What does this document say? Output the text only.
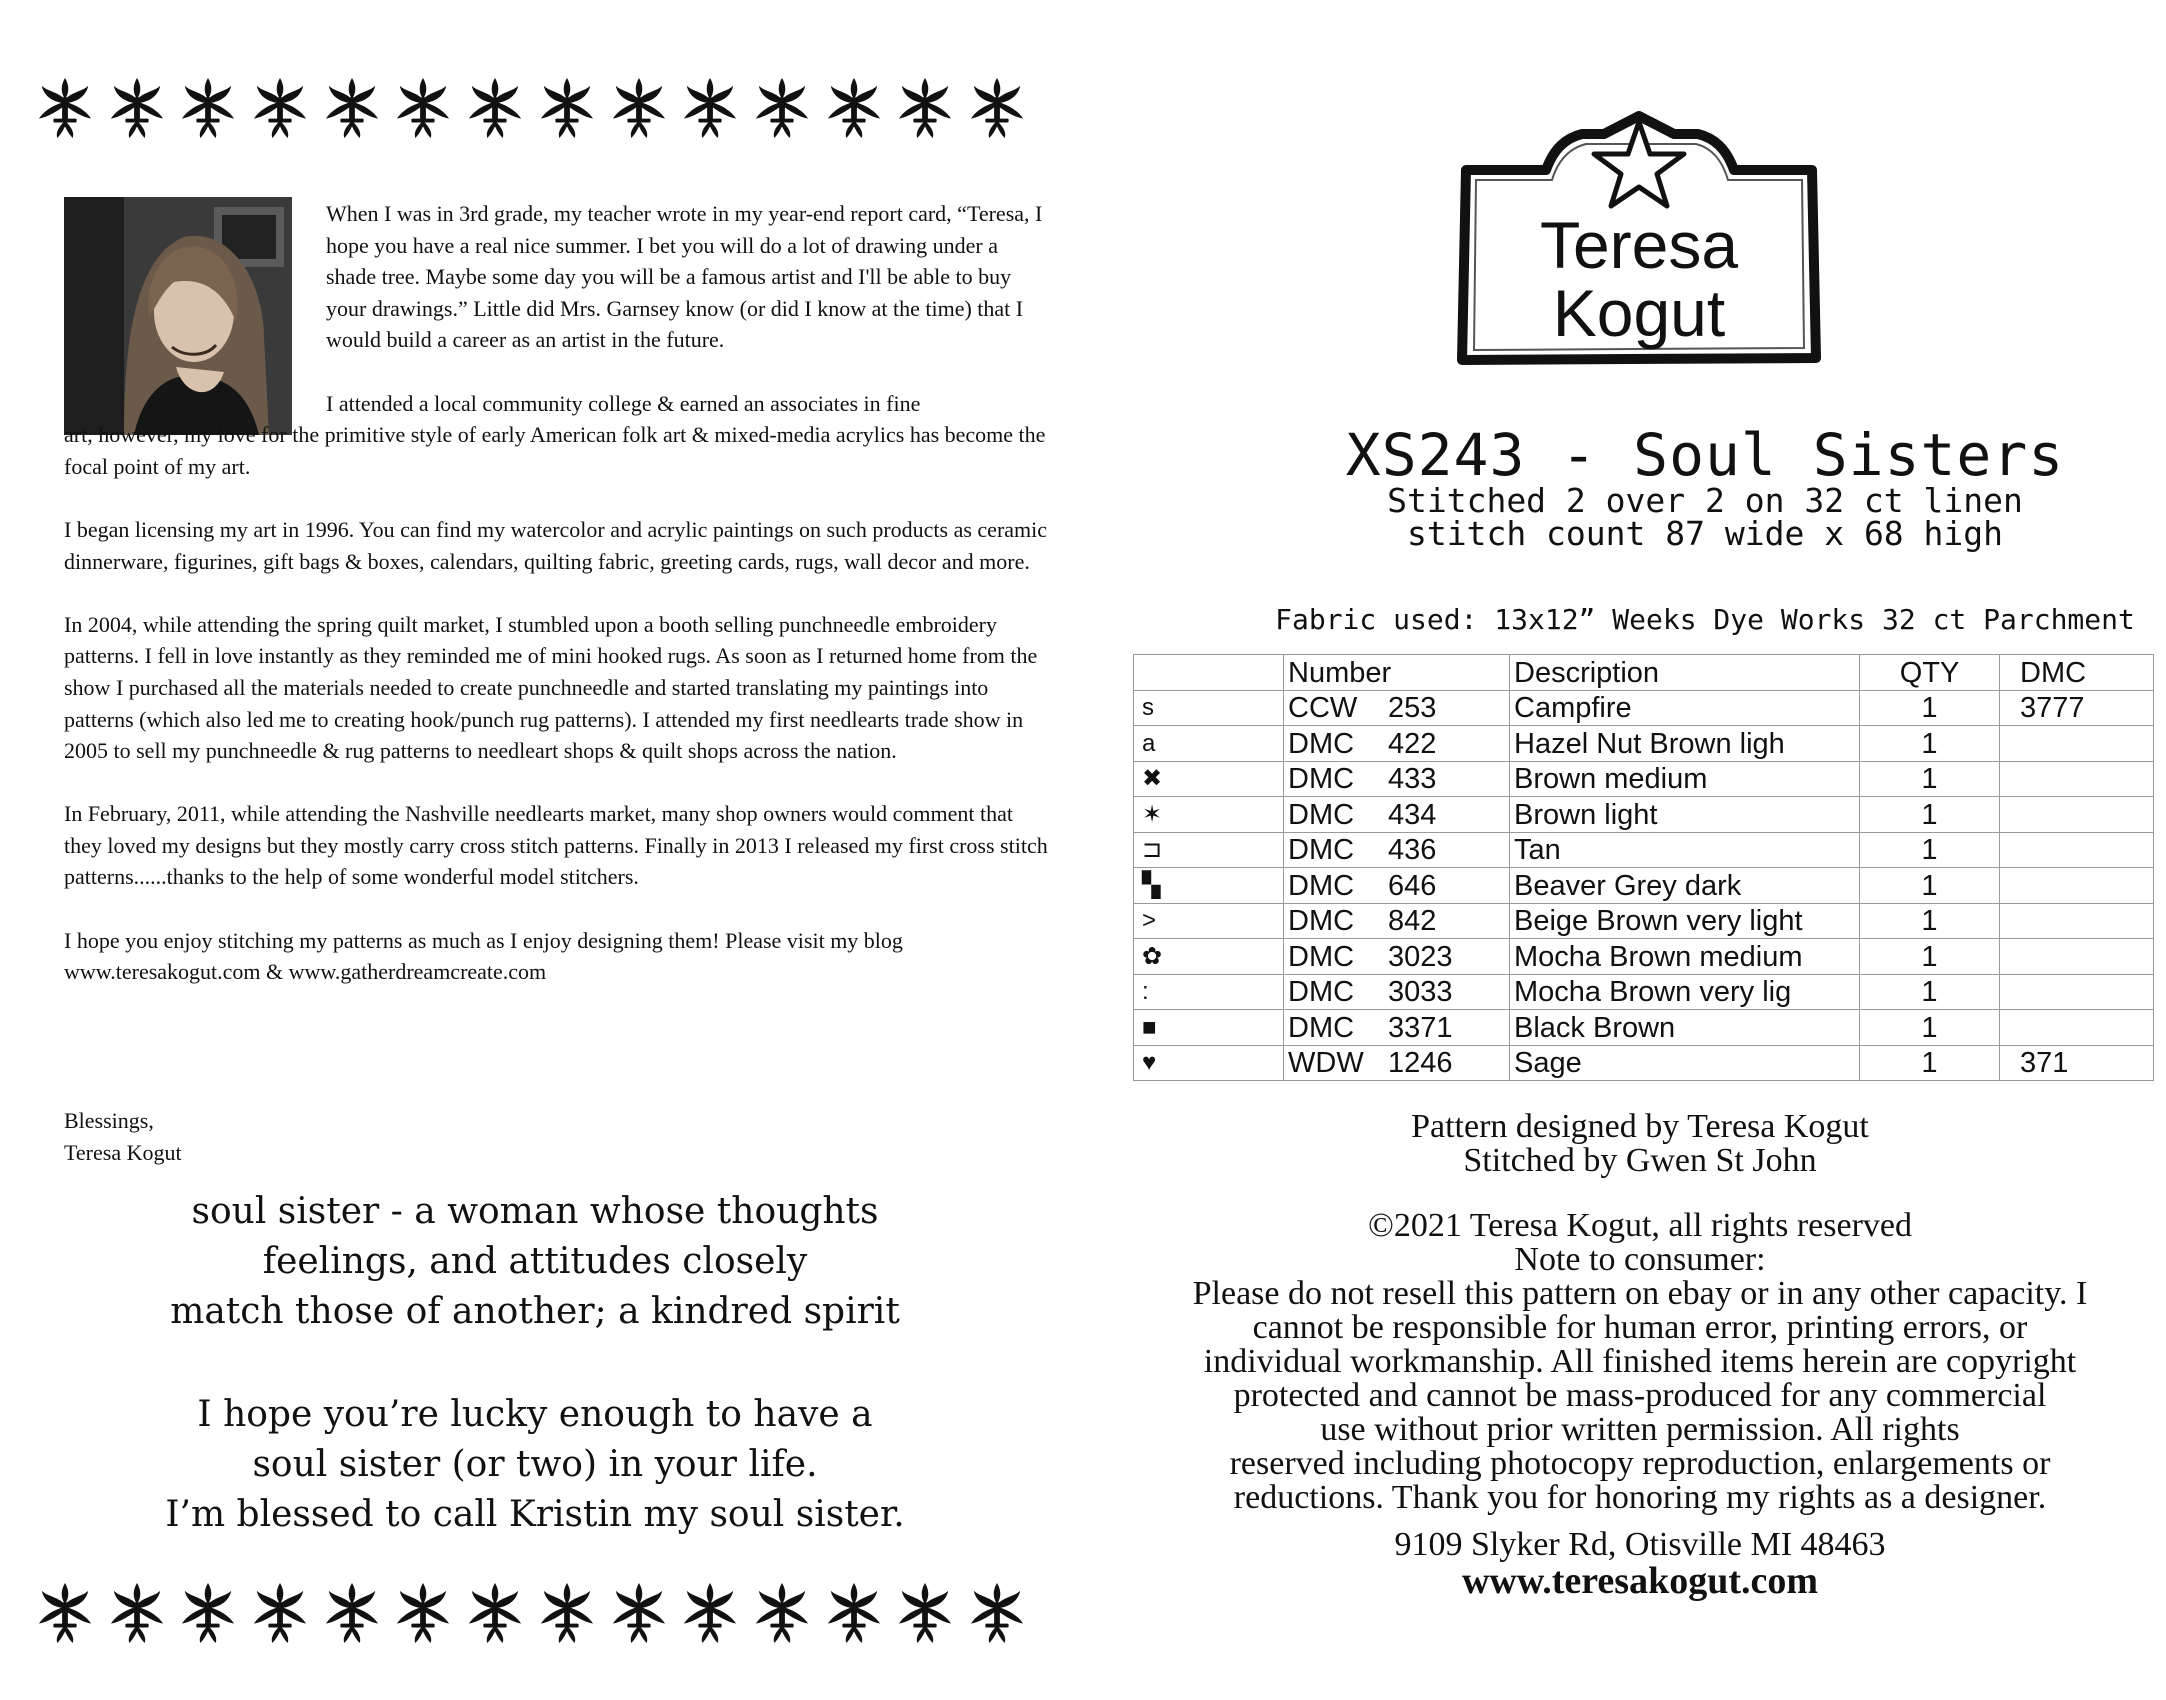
When I was in 3rd grade, my teacher wrote in my year-end report card, “Teresa, I hope you have a real nice summer. I bet you will do a lot of drawing under a shade tree. Maybe some day you will be a famous artist and I'll be able to buy your drawings.” Little did Mrs. Garnsey know (or did I know at the time) that I would build a career as an artist in the future.

I attended a local community college & earned an associates in fine
art, however, my love for the primitive style of early American folk art & mixed-media acrylics has become the focal point of my art.

I began licensing my art in 1996. You can find my watercolor and acrylic paintings on such products as ceramic dinnerware, figurines, gift bags & boxes, calendars, quilting fabric, greeting cards, rugs, wall decor and more.

In 2004, while attending the spring quilt market, I stumbled upon a booth selling punchneedle embroidery patterns. I fell in love instantly as they reminded me of mini hooked rugs. As soon as I returned home from the show I purchased all the materials needed to create punchneedle and started translating my paintings into patterns (which also led me to creating hook/punch rug patterns). I attended my first needlearts trade show in 2005 to sell my punchneedle & rug patterns to needleart shops & quilt shops across the nation.

In February, 2011, while attending the Nashville needlearts market, many shop owners would comment that they loved my designs but they mostly carry cross stitch patterns. Finally in 2013 I released my first cross stitch patterns......thanks to the help of some wonderful model stitchers.

I hope you enjoy stitching my patterns as much as I enjoy designing them! Please visit my blog
www.teresakogut.com & www.gatherdreamcreate.com

Blessings,
Teresa Kogut
soul sister - a woman whose thoughts
feelings, and attitudes closely
match those of another; a kindred spirit
I hope you’re lucky enough to have a
soul sister (or two) in your life.
I’m blessed to call Kristin my soul sister.
Teresa
Kogut
XS243 - Soul Sisters
Stitched 2 over 2 on 32 ct linen
stitch count 87 wide x 68 high
Fabric used: 13x12” Weeks Dye Works 32 ct Parchment
	Number	Description	QTY	DMC
s	CCW 253	Campfire	1	3777
a	DMC 422	Hazel Nut Brown ligh	1	
✖	DMC 433	Brown medium	1	
✶	DMC 434	Brown light	1	
⊐	DMC 436	Tan	1	
▚	DMC 646	Beaver Grey dark	1	
>	DMC 842	Beige Brown very light	1	
✿	DMC 3023	Mocha Brown medium	1	
:	DMC 3033	Mocha Brown very lig	1	
■	DMC 3371	Black Brown	1	
♥	WDW 1246	Sage	1	371
Pattern designed by Teresa Kogut
Stitched by Gwen St John
©2021 Teresa Kogut, all rights reserved
Note to consumer:
Please do not resell this pattern on ebay or in any other capacity. I
cannot be responsible for human error, printing errors, or
individual workmanship. All finished items herein are copyright
protected and cannot be mass-produced for any commercial
use without prior written permission. All rights
reserved including photocopy reproduction, enlargements or
reductions. Thank you for honoring my rights as a designer.
9109 Slyker Rd, Otisville MI 48463
www.teresakogut.com
